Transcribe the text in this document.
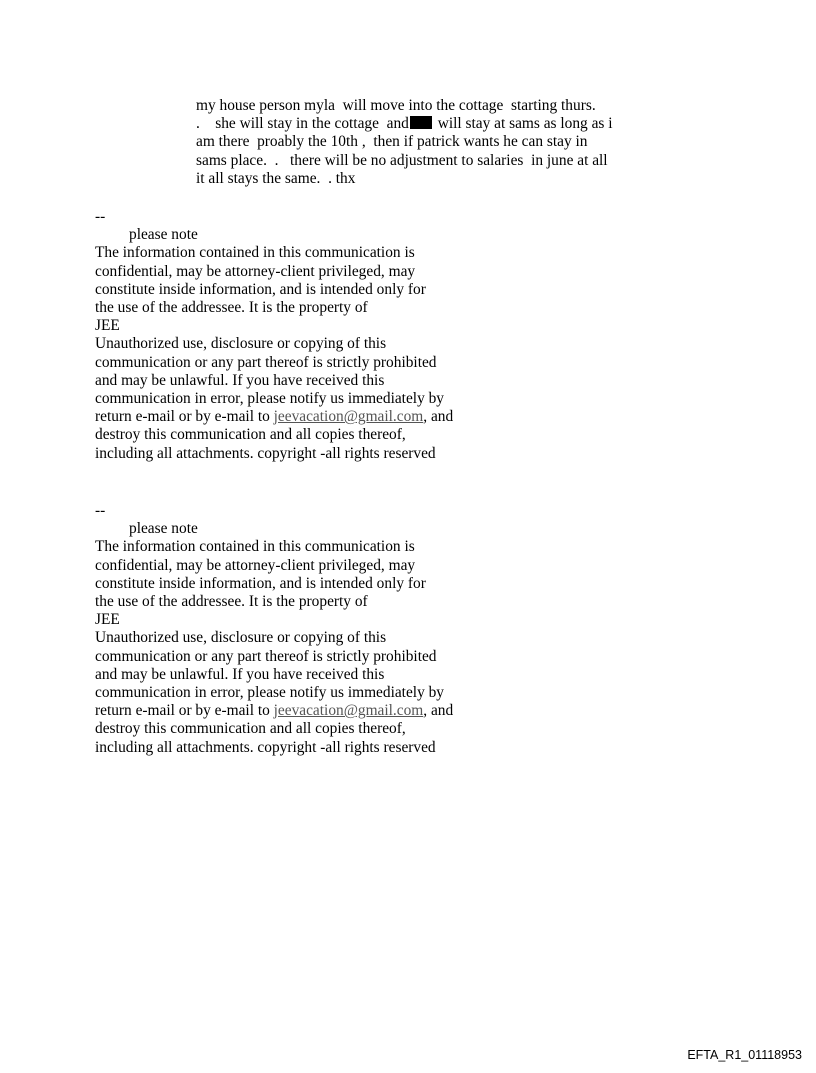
my house person myla  will move into the cottage  starting thurs.
.    she will stay in the cottage  and will stay at sams as long as i
am there  proably the 10th ,  then if patrick wants he can stay in
sams place.  .   there will be no adjustment to salaries  in june at all
it all stays the same.  . thx
--
please note
The information contained in this communication is
confidential, may be attorney-client privileged, may
constitute inside information, and is intended only for
the use of the addressee. It is the property of
JEE
Unauthorized use, disclosure or copying of this
communication or any part thereof is strictly prohibited
and may be unlawful. If you have received this
communication in error, please notify us immediately by
return e-mail or by e-mail to jeevacation@gmail.com, and
destroy this communication and all copies thereof,
including all attachments. copyright -all rights reserved
--
please note
The information contained in this communication is
confidential, may be attorney-client privileged, may
constitute inside information, and is intended only for
the use of the addressee. It is the property of
JEE
Unauthorized use, disclosure or copying of this
communication or any part thereof is strictly prohibited
and may be unlawful. If you have received this
communication in error, please notify us immediately by
return e-mail or by e-mail to jeevacation@gmail.com, and
destroy this communication and all copies thereof,
including all attachments. copyright -all rights reserved
EFTA_R1_01118953
